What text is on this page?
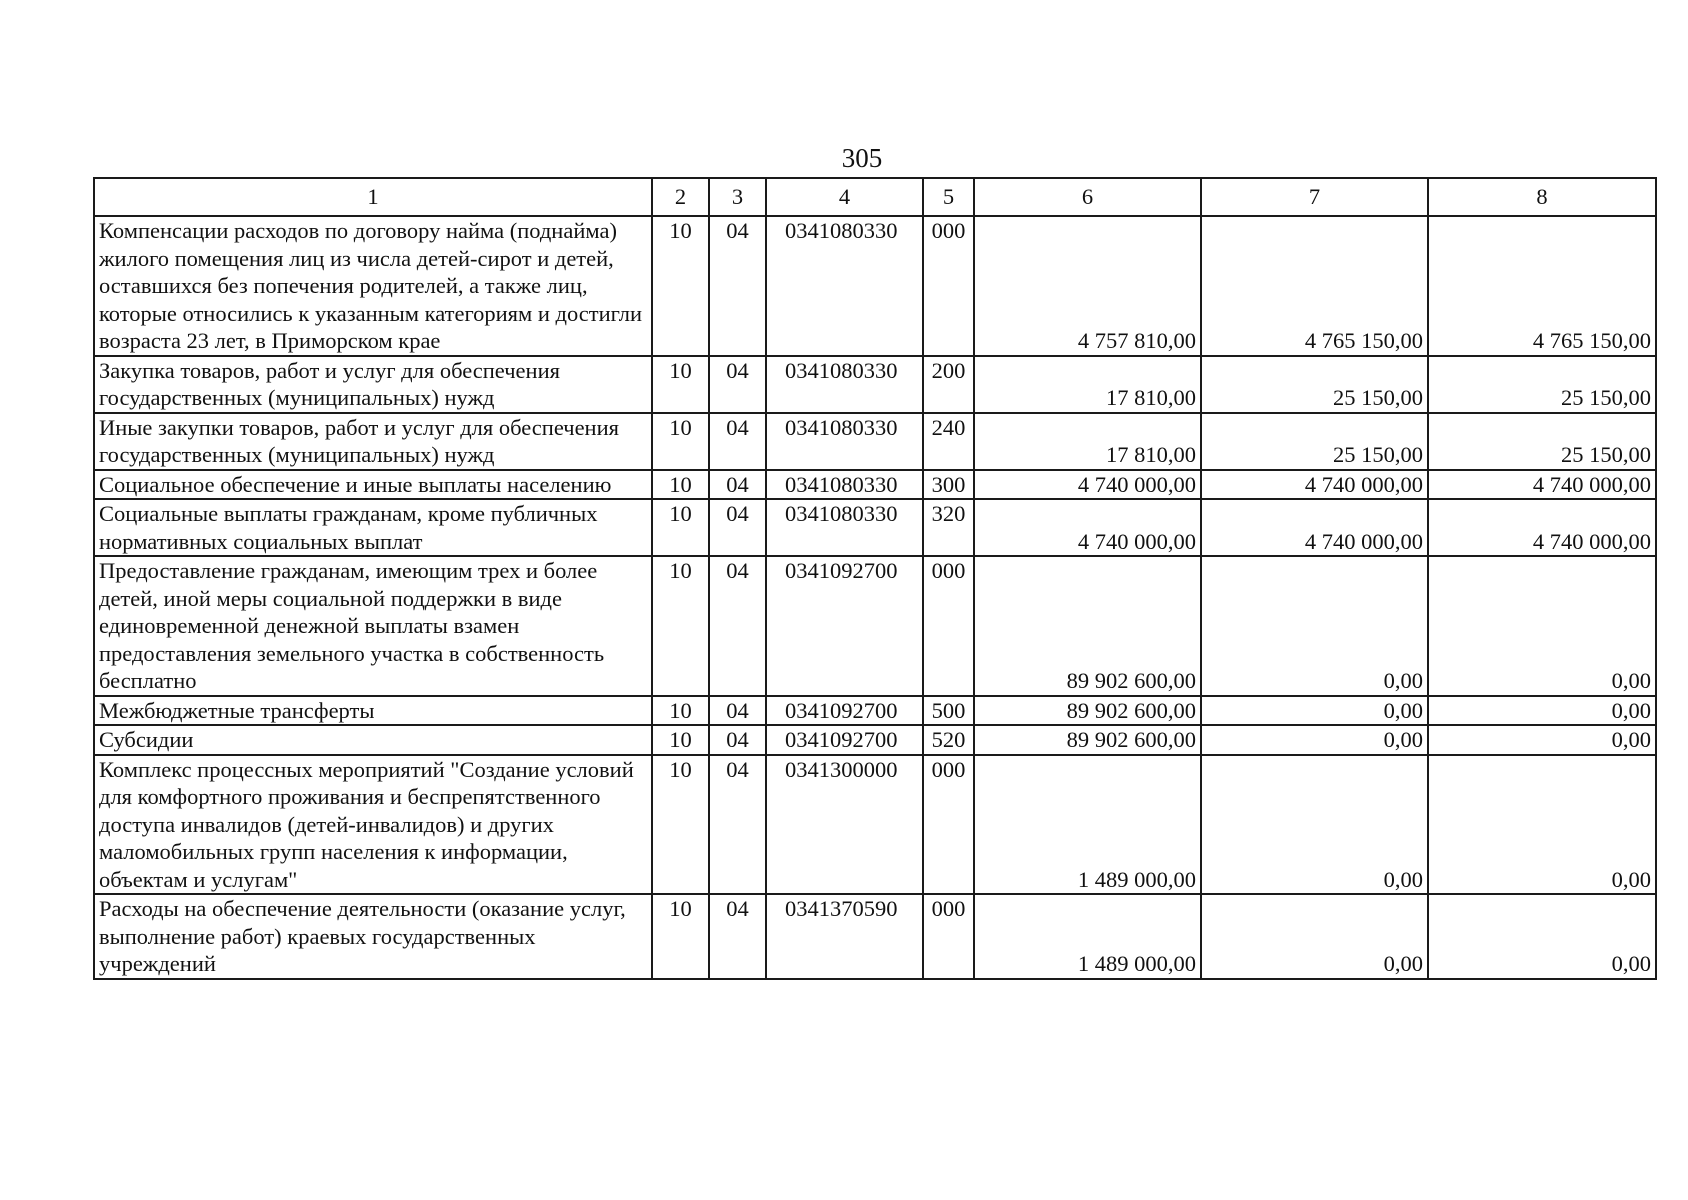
305
1	2	3	4	5	6	7	8
Компенсации расходов по договору найма (поднайма) жилого помещения лиц из числа детей-сирот и детей, оставшихся без попечения родителей, а также лиц, которые относились к указанным категориям и достигли возраста 23 лет, в Приморском крае	10	04	0341080330	000	4 757 810,00	4 765 150,00	4 765 150,00
Закупка товаров, работ и услуг для обеспечения государственных (муниципальных) нужд	10	04	0341080330	200	17 810,00	25 150,00	25 150,00
Иные закупки товаров, работ и услуг для обеспечения государственных (муниципальных) нужд	10	04	0341080330	240	17 810,00	25 150,00	25 150,00
Социальное обеспечение и иные выплаты населению	10	04	0341080330	300	4 740 000,00	4 740 000,00	4 740 000,00
Социальные выплаты гражданам, кроме публичных нормативных социальных выплат	10	04	0341080330	320	4 740 000,00	4 740 000,00	4 740 000,00
Предоставление гражданам, имеющим трех и более детей, иной меры социальной поддержки в виде единовременной денежной выплаты взамен предоставления земельного участка в собственность бесплатно	10	04	0341092700	000	89 902 600,00	0,00	0,00
Межбюджетные трансферты	10	04	0341092700	500	89 902 600,00	0,00	0,00
Субсидии	10	04	0341092700	520	89 902 600,00	0,00	0,00
Комплекс процессных мероприятий "Создание условий для комфортного проживания и беспрепятственного доступа инвалидов (детей-инвалидов) и других маломобильных групп населения к информации, объектам и услугам"	10	04	0341300000	000	1 489 000,00	0,00	0,00
Расходы на обеспечение деятельности (оказание услуг, выполнение работ) краевых государственных учреждений	10	04	0341370590	000	1 489 000,00	0,00	0,00
